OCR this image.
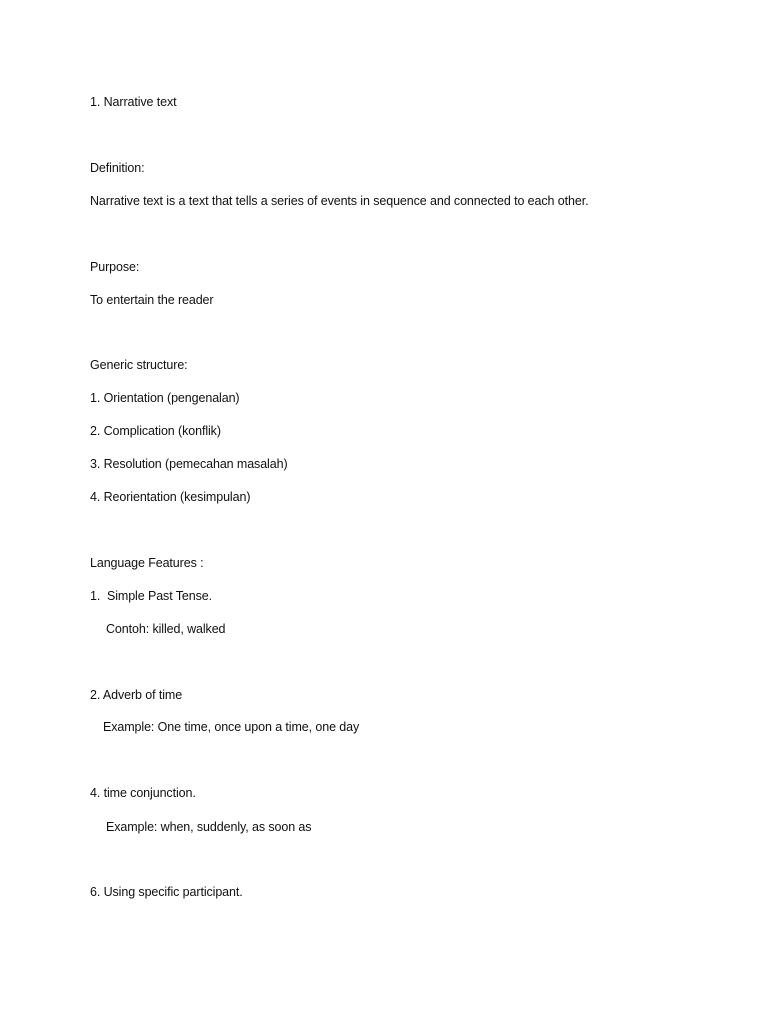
1. Narrative text
Definition:
Narrative text is a text that tells a series of events in sequence and connected to each other.
Purpose:
To entertain the reader
Generic structure:
1. Orientation (pengenalan)
2. Complication (konflik)
3. Resolution (pemecahan masalah)
4. Reorientation (kesimpulan)
Language Features :
1.  Simple Past Tense.
Contoh: killed, walked
2. Adverb of time
Example: One time, once upon a time, one day
4. time conjunction.
Example: when, suddenly, as soon as
6. Using specific participant.
